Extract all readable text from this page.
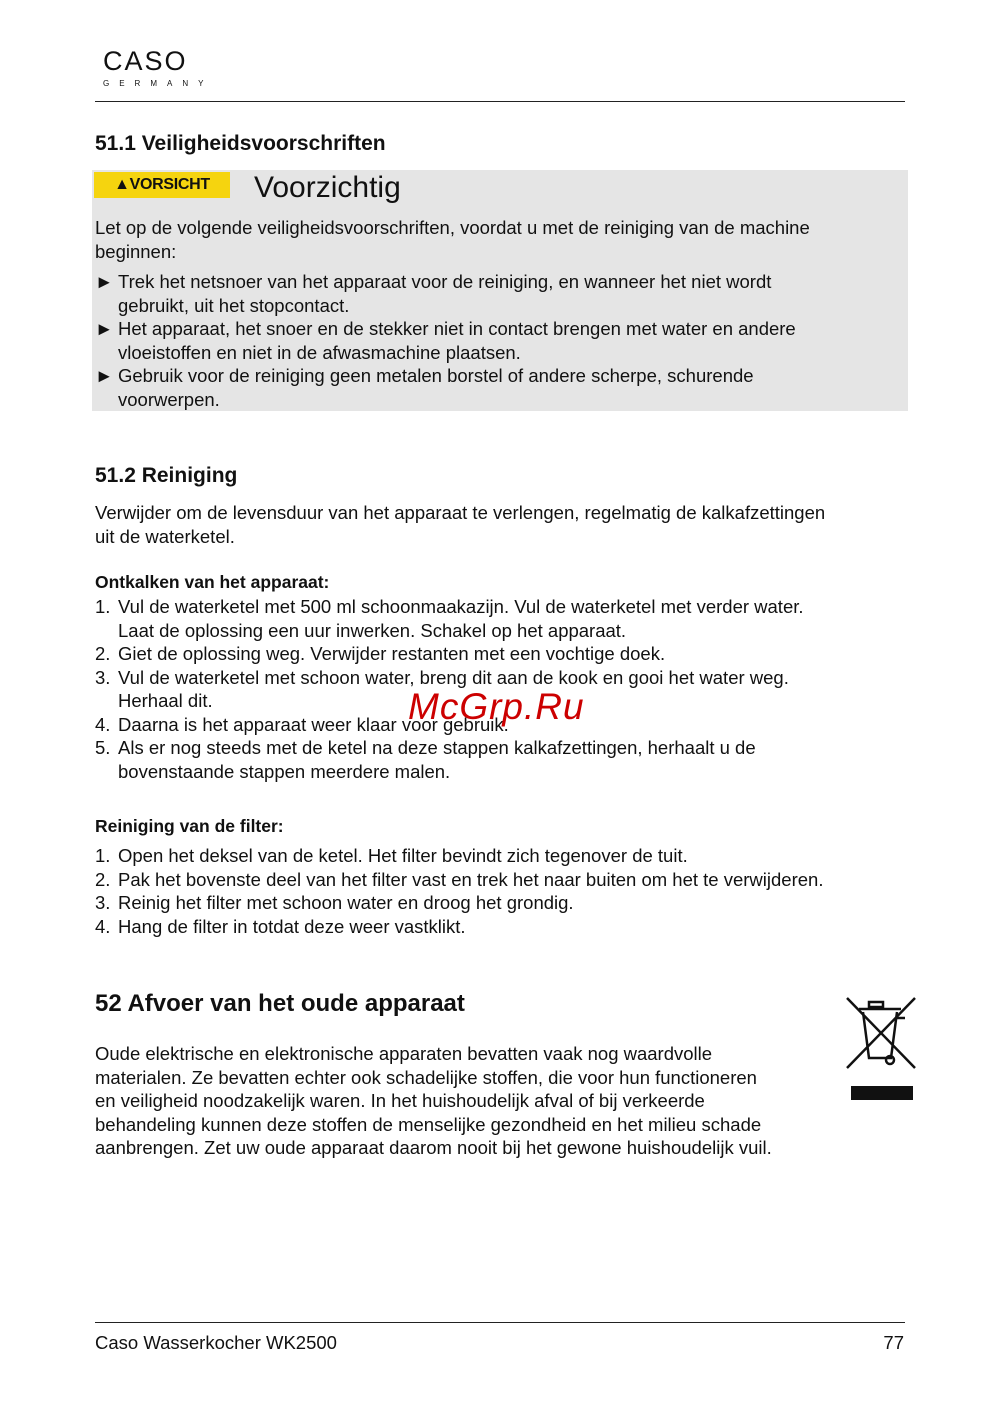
CASO
GERMANY
51.1 Veiligheidsvoorschriften
▲VORSICHT	Voorzichtig

Let op de volgende veiligheidsvoorschriften, voordat u met de reiniging van de machine beginnen:

► Trek het netsnoer van het apparaat voor de reiniging, en wanneer het niet wordt
gebruikt, uit het stopcontact.
► Het apparaat, het snoer en de stekker niet in contact brengen met water en andere
vloeistoffen en niet in de afwasmachine plaatsen.
► Gebruik voor de reiniging geen metalen borstel of andere scherpe, schurende
voorwerpen.
51.2 Reiniging

Verwijder om de levensduur van het apparaat te verlengen, regelmatig de kalkafzettingen
uit de waterketel.

Ontkalken van het apparaat:

1. Vul de waterketel met 500 ml schoonmaakazijn. Vul de waterketel met verder water.
Laat de oplossing een uur inwerken. Schakel op het apparaat.
2. Giet de oplossing weg. Verwijder restanten met een vochtige doek.
3. Vul de waterketel met schoon water, breng dit aan de kook en gooi het water weg.
Herhaal dit.
4. Daarna is het apparaat weer klaar voor gebruik.
5. Als er nog steeds met de ketel na deze stappen kalkafzettingen, herhaalt u de
bovenstaande stappen meerdere malen.

Reiniging van de filter:

1. Open het deksel van de ketel. Het filter bevindt zich tegenover de tuit.
2. Pak het bovenste deel van het filter vast en trek het naar buiten om het te verwijderen.
3. Reinig het filter met schoon water en droog het grondig.
4. Hang de filter in totdat deze weer vastklikt.
52 Afvoer van het oude apparaat
Oude elektrische en elektronische apparaten bevatten vaak nog waardvolle
materialen. Ze bevatten echter ook schadelijke stoffen, die voor hun functioneren
en veiligheid noodzakelijk waren. In het huishoudelijk afval of bij verkeerde
behandeling kunnen deze stoffen de menselijke gezondheid en het milieu schade
aanbrengen. Zet uw oude apparaat daarom nooit bij het gewone huishoudelijk vuil.
McGrp.Ru
Caso Wasserkocher WK2500	77
